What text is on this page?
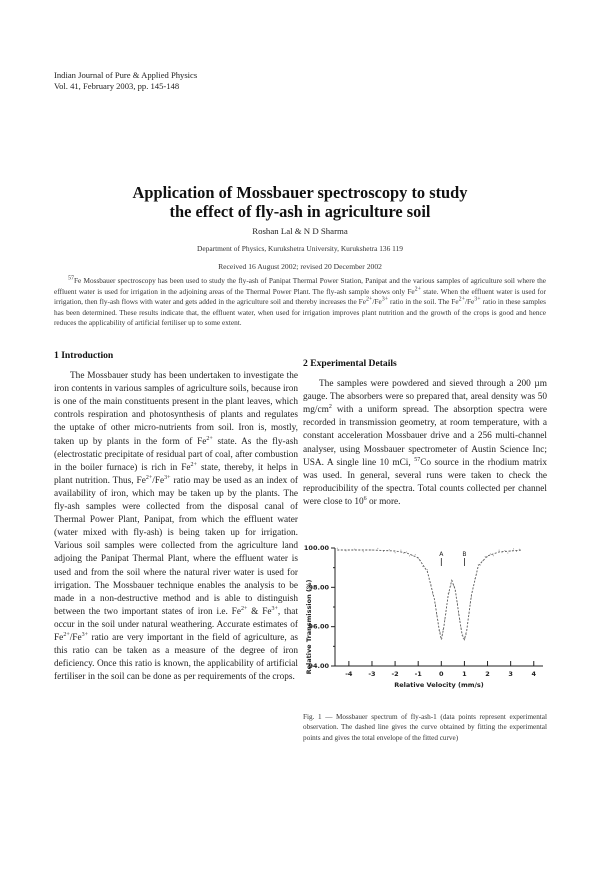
Indian Journal of Pure & Applied Physics
Vol. 41, February 2003, pp. 145-148
Application of Mossbauer spectroscopy to study
the effect of fly-ash in agriculture soil
Roshan Lal & N D Sharma
Department of Physics, Kurukshetra University, Kurukshetra 136 119
Received 16 August 2002; revised 20 December 2002
$^{57}$Fe Mossbauer spectroscopy has been used to study the fly-ash of Panipat Thermal Power Station, Panipat and the various samples of agriculture soil where the effluent water is used for irrigation in the adjoining areas of the Thermal Power Plant. The fly-ash sample shows only $Fe^{2+}$ state. When the effluent water is used for irrigation, then fly-ash flows with water and gets added in the agriculture soil and thereby increases the $Fe^{2+}/Fe^{3+}$ ratio in the soil. The $Fe^{2+}/Fe^{3+}$ ratio in these samples has been determined. These results indicate that, the effluent water, when used for irrigation improves plant nutrition and the growth of the crops is good and hence reduces the applicability of artificial fertiliser up to some extent.
1 Introduction

The Mossbauer study has been undertaken to investigate the iron contents in various samples of agriculture soils, because iron is one of the main constituents present in the plant leaves, which controls respiration and photosynthesis of plants and regulates the uptake of other micro-nutrients from soil. Iron is, mostly, taken up by plants in the form of $Fe^{2+}$ state. As the fly-ash (electrostatic precipitate of residual part of coal, after combustion in the boiler furnace) is rich in $Fe^{2+}$ state, thereby, it helps in plant nutrition. Thus, $Fe^{2+}/Fe^{3+}$ ratio may be used as an index of availability of iron, which may be taken up by the plants. The fly-ash samples were collected from the disposal canal of Thermal Power Plant, Panipat, from which the effluent water (water mixed with fly-ash) is being taken up for irrigation. Various soil samples were collected from the agriculture land adjoing the Panipat Thermal Plant, where the effluent water is used and from the soil where the natural river water is used for irrigation. The Mossbauer technique enables the analysis to be made in a non-destructive method and is able to distinguish between the two important states of iron i.e. $Fe^{2+}$ & $Fe^{3+}$, that occur in the soil under natural weathering. Accurate estimates of $Fe^{2+}/Fe^{3+}$ ratio are very important in the field of agriculture, as this ratio can be taken as a measure of the degree of iron deficiency. Once this ratio is known, the applicability of artificial fertiliser in the soil can be done as per requirements of the crops.

2 Experimental Details

The samples were powdered and sieved through a 200 µm gauge. The absorbers were so prepared that, areal density was 50 $mg/cm^2$ with a uniform spread. The absorption spectra were recorded in transmission geometry, at room temperature, with a constant acceleration Mossbauer drive and a 256 multi-channel analyser, using Mossbauer spectrometer of Austin Science Inc; USA. A single line 10 mCi, $^{57}$Co source in the rhodium matrix was used. In general, several runs were taken to check the reproducibility of the spectra. Total counts collected per channel were close to $10^6$ or more.

94.00
96.00
98.00
100.00
-4 -3 -2 -1	0	1	2	3	4
Relative Velocity (mm/s)
Relative Transmission (%)
A	B
Fig. 1 — Mossbauer spectrum of fly-ash-1 (data points represent experimental observation. The dashed line gives the curve obtained by fitting the experimental points and gives the total envelope of the fitted curve)
